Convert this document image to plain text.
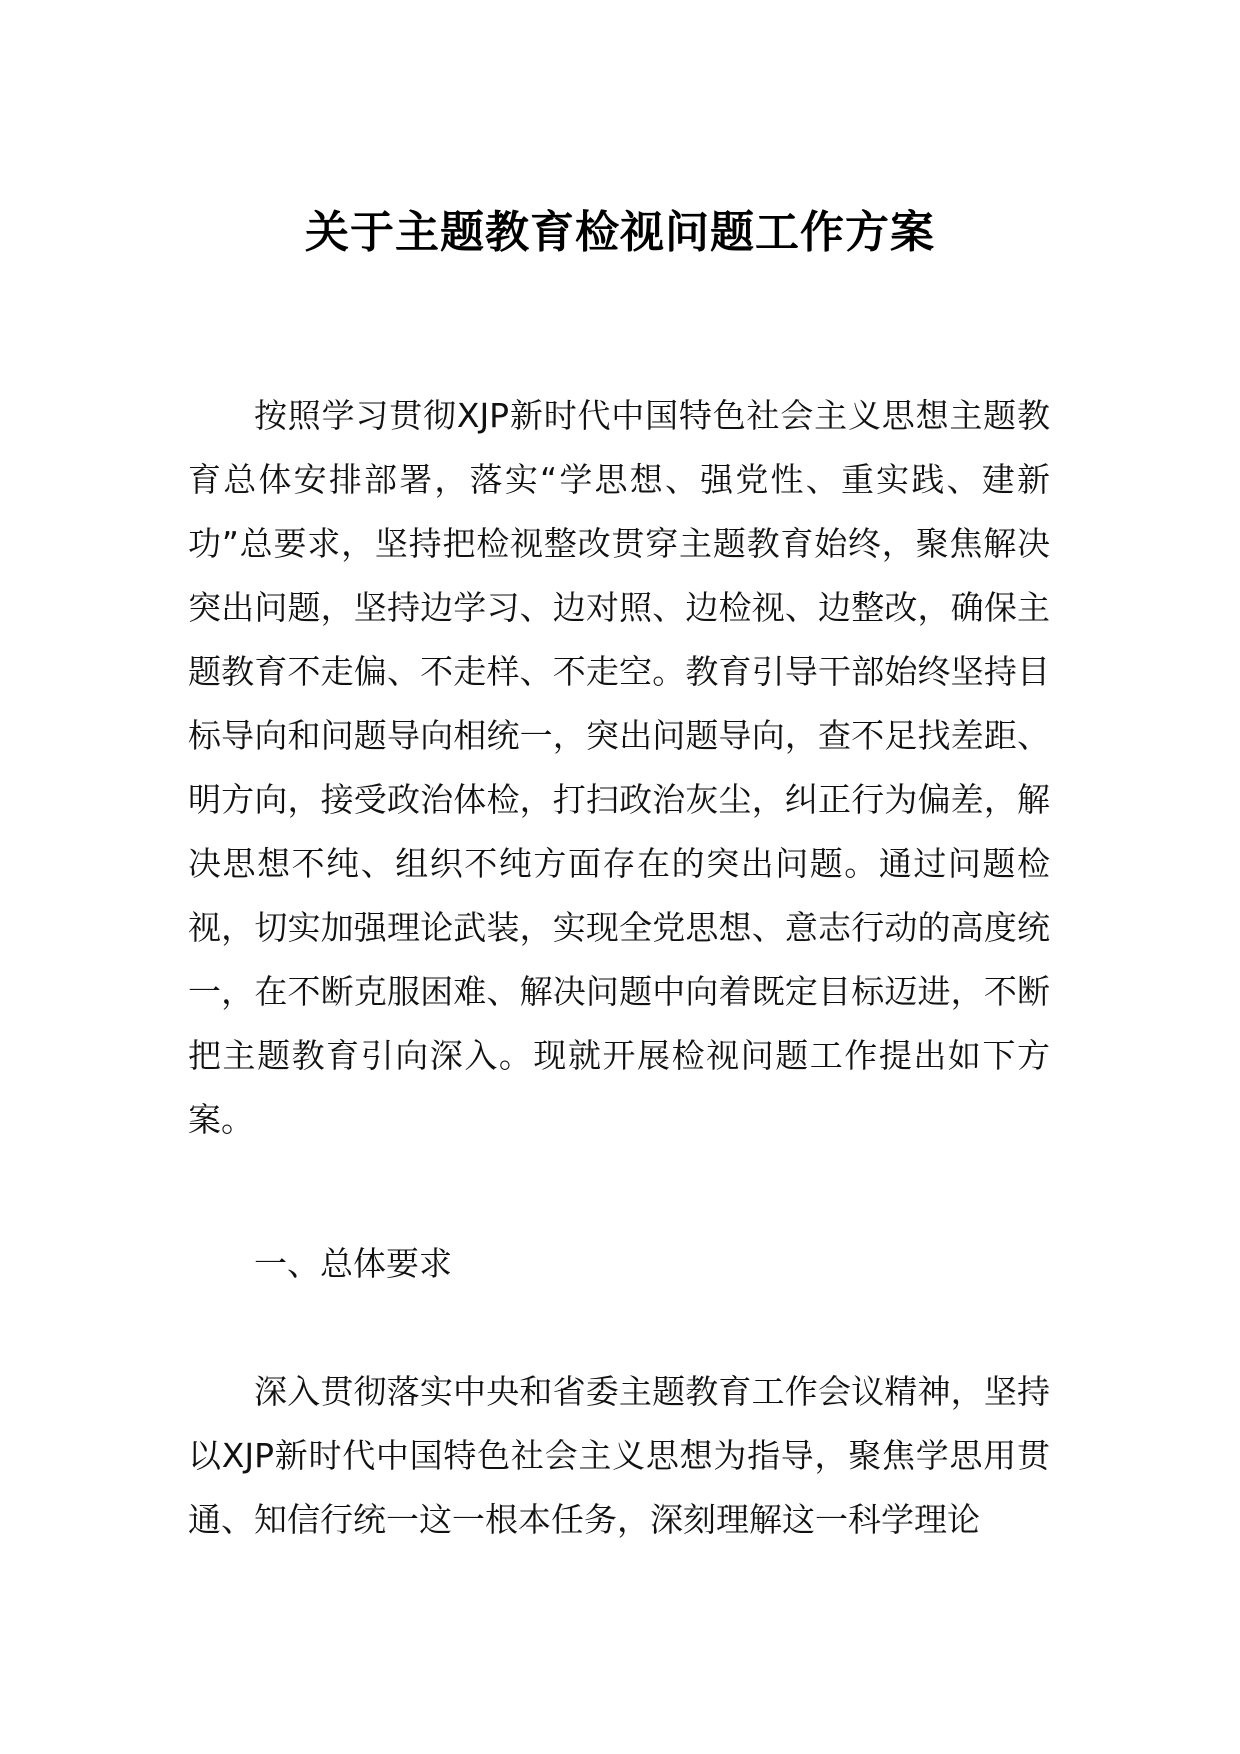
关于主题教育检视问题工作方案

按照学习贯彻XJP新时代中国特色社会主义思想主题教育总体安排部署，落实“学思想、强党性、重实践、建新功”总要求，坚持把检视整改贯穿主题教育始终，聚焦解决突出问题，坚持边学习、边对照、边检视、边整改，确保主题教育不走偏、不走样、不走空。教育引导干部始终坚持目标导向和问题导向相统一，突出问题导向，查不足找差距、明方向，接受政治体检，打扫政治灰尘，纠正行为偏差，解决思想不纯、组织不纯方面存在的突出问题。通过问题检视，切实加强理论武装，实现全党思想、意志行动的高度统一，在不断克服困难、解决问题中向着既定目标迈进，不断把主题教育引向深入。现就开展检视问题工作提出如下方案。

一、总体要求

深入贯彻落实中央和省委主题教育工作会议精神，坚持以XJP新时代中国特色社会主义思想为指导，聚焦学思用贯通、知信行统一这一根本任务，深刻理解这一科学理论
